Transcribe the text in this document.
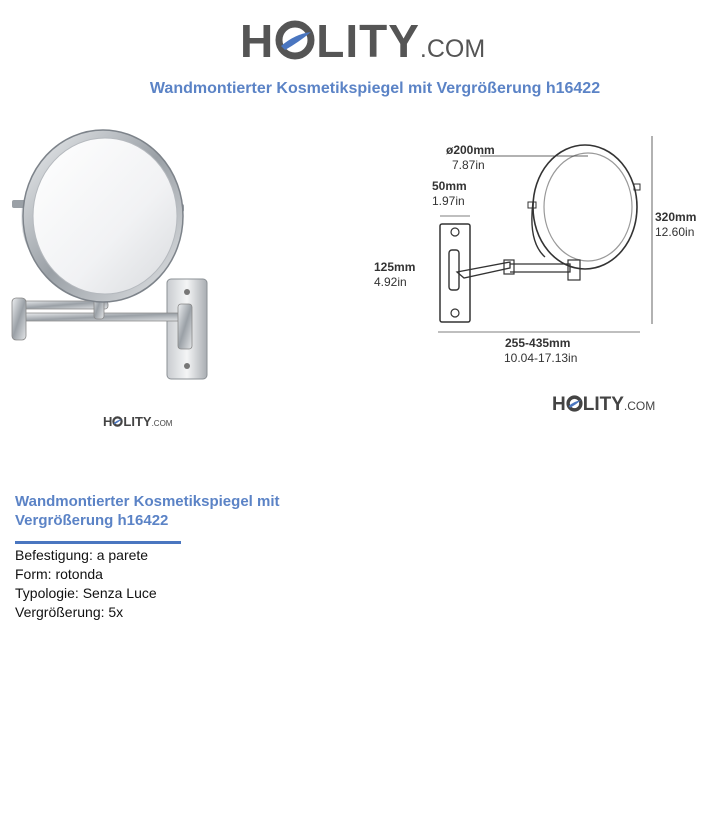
H LITY .COM
Wandmontierter Kosmetikspiegel mit Vergrößerung h16422
ø200mm
7.87in
50mm
1.97in
320mm
12.60in
125mm
4.92in
255-435mm
10.04-17.13in
H LITY.COM
H LITY.COM
Wandmontierter Kosmetikspiegel mit Vergrößerung h16422
Befestigung: a parete
Form: rotonda
Typologie: Senza Luce
Vergrößerung: 5x
